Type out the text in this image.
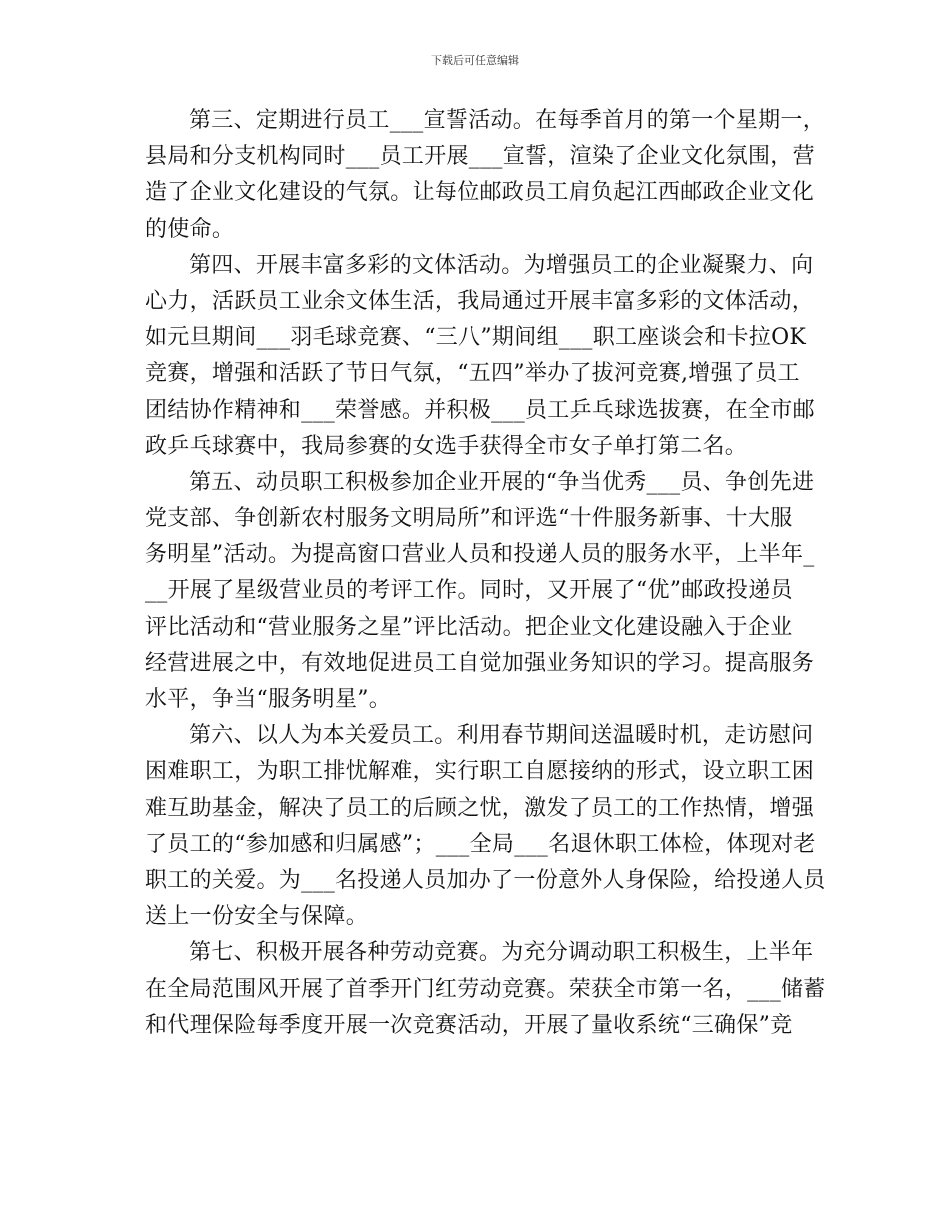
下载后可任意编辑
第三、定期进行员工___宣誓活动。在每季首月的第一个星期一，
县局和分支机构同时___员工开展___宣誓，渲染了企业文化氛围，营
造了企业文化建设的气氛。让每位邮政员工肩负起江西邮政企业文化
的使命。
第四、开展丰富多彩的文体活动。为增强员工的企业凝聚力、向
心力，活跃员工业余文体生活，我局通过开展丰富多彩的文体活动，
如元旦期间___羽毛球竞赛、“三八”期间组___职工座谈会和卡拉OK
竞赛，增强和活跃了节日气氛，“五四”举办了拔河竞赛,增强了员工
团结协作精神和___荣誉感。并积极___员工乒乓球选拔赛，在全市邮
政乒乓球赛中，我局参赛的女选手获得全市女子单打第二名。
第五、动员职工积极参加企业开展的“争当优秀___员、争创先进
党支部、争创新农村服务文明局所”和评选“十件服务新事、十大服
务明星”活动。为提高窗口营业人员和投递人员的服务水平，上半年_
__开展了星级营业员的考评工作。同时，又开展了“优”邮政投递员
评比活动和“营业服务之星”评比活动。把企业文化建设融入于企业
经营进展之中，有效地促进员工自觉加强业务知识的学习。提高服务
水平，争当“服务明星”。
第六、以人为本关爱员工。利用春节期间送温暖时机，走访慰问
困难职工，为职工排忧解难，实行职工自愿接纳的形式，设立职工困
难互助基金，解决了员工的后顾之忧，激发了员工的工作热情，增强
了员工的“参加感和归属感”；___全局___名退休职工体检，体现对老
职工的关爱。为___名投递人员加办了一份意外人身保险，给投递人员
送上一份安全与保障。
第七、积极开展各种劳动竞赛。为充分调动职工积极生，上半年
在全局范围风开展了首季开门红劳动竞赛。荣获全市第一名，___储蓄
和代理保险每季度开展一次竞赛活动，开展了量收系统“三确保”竞
